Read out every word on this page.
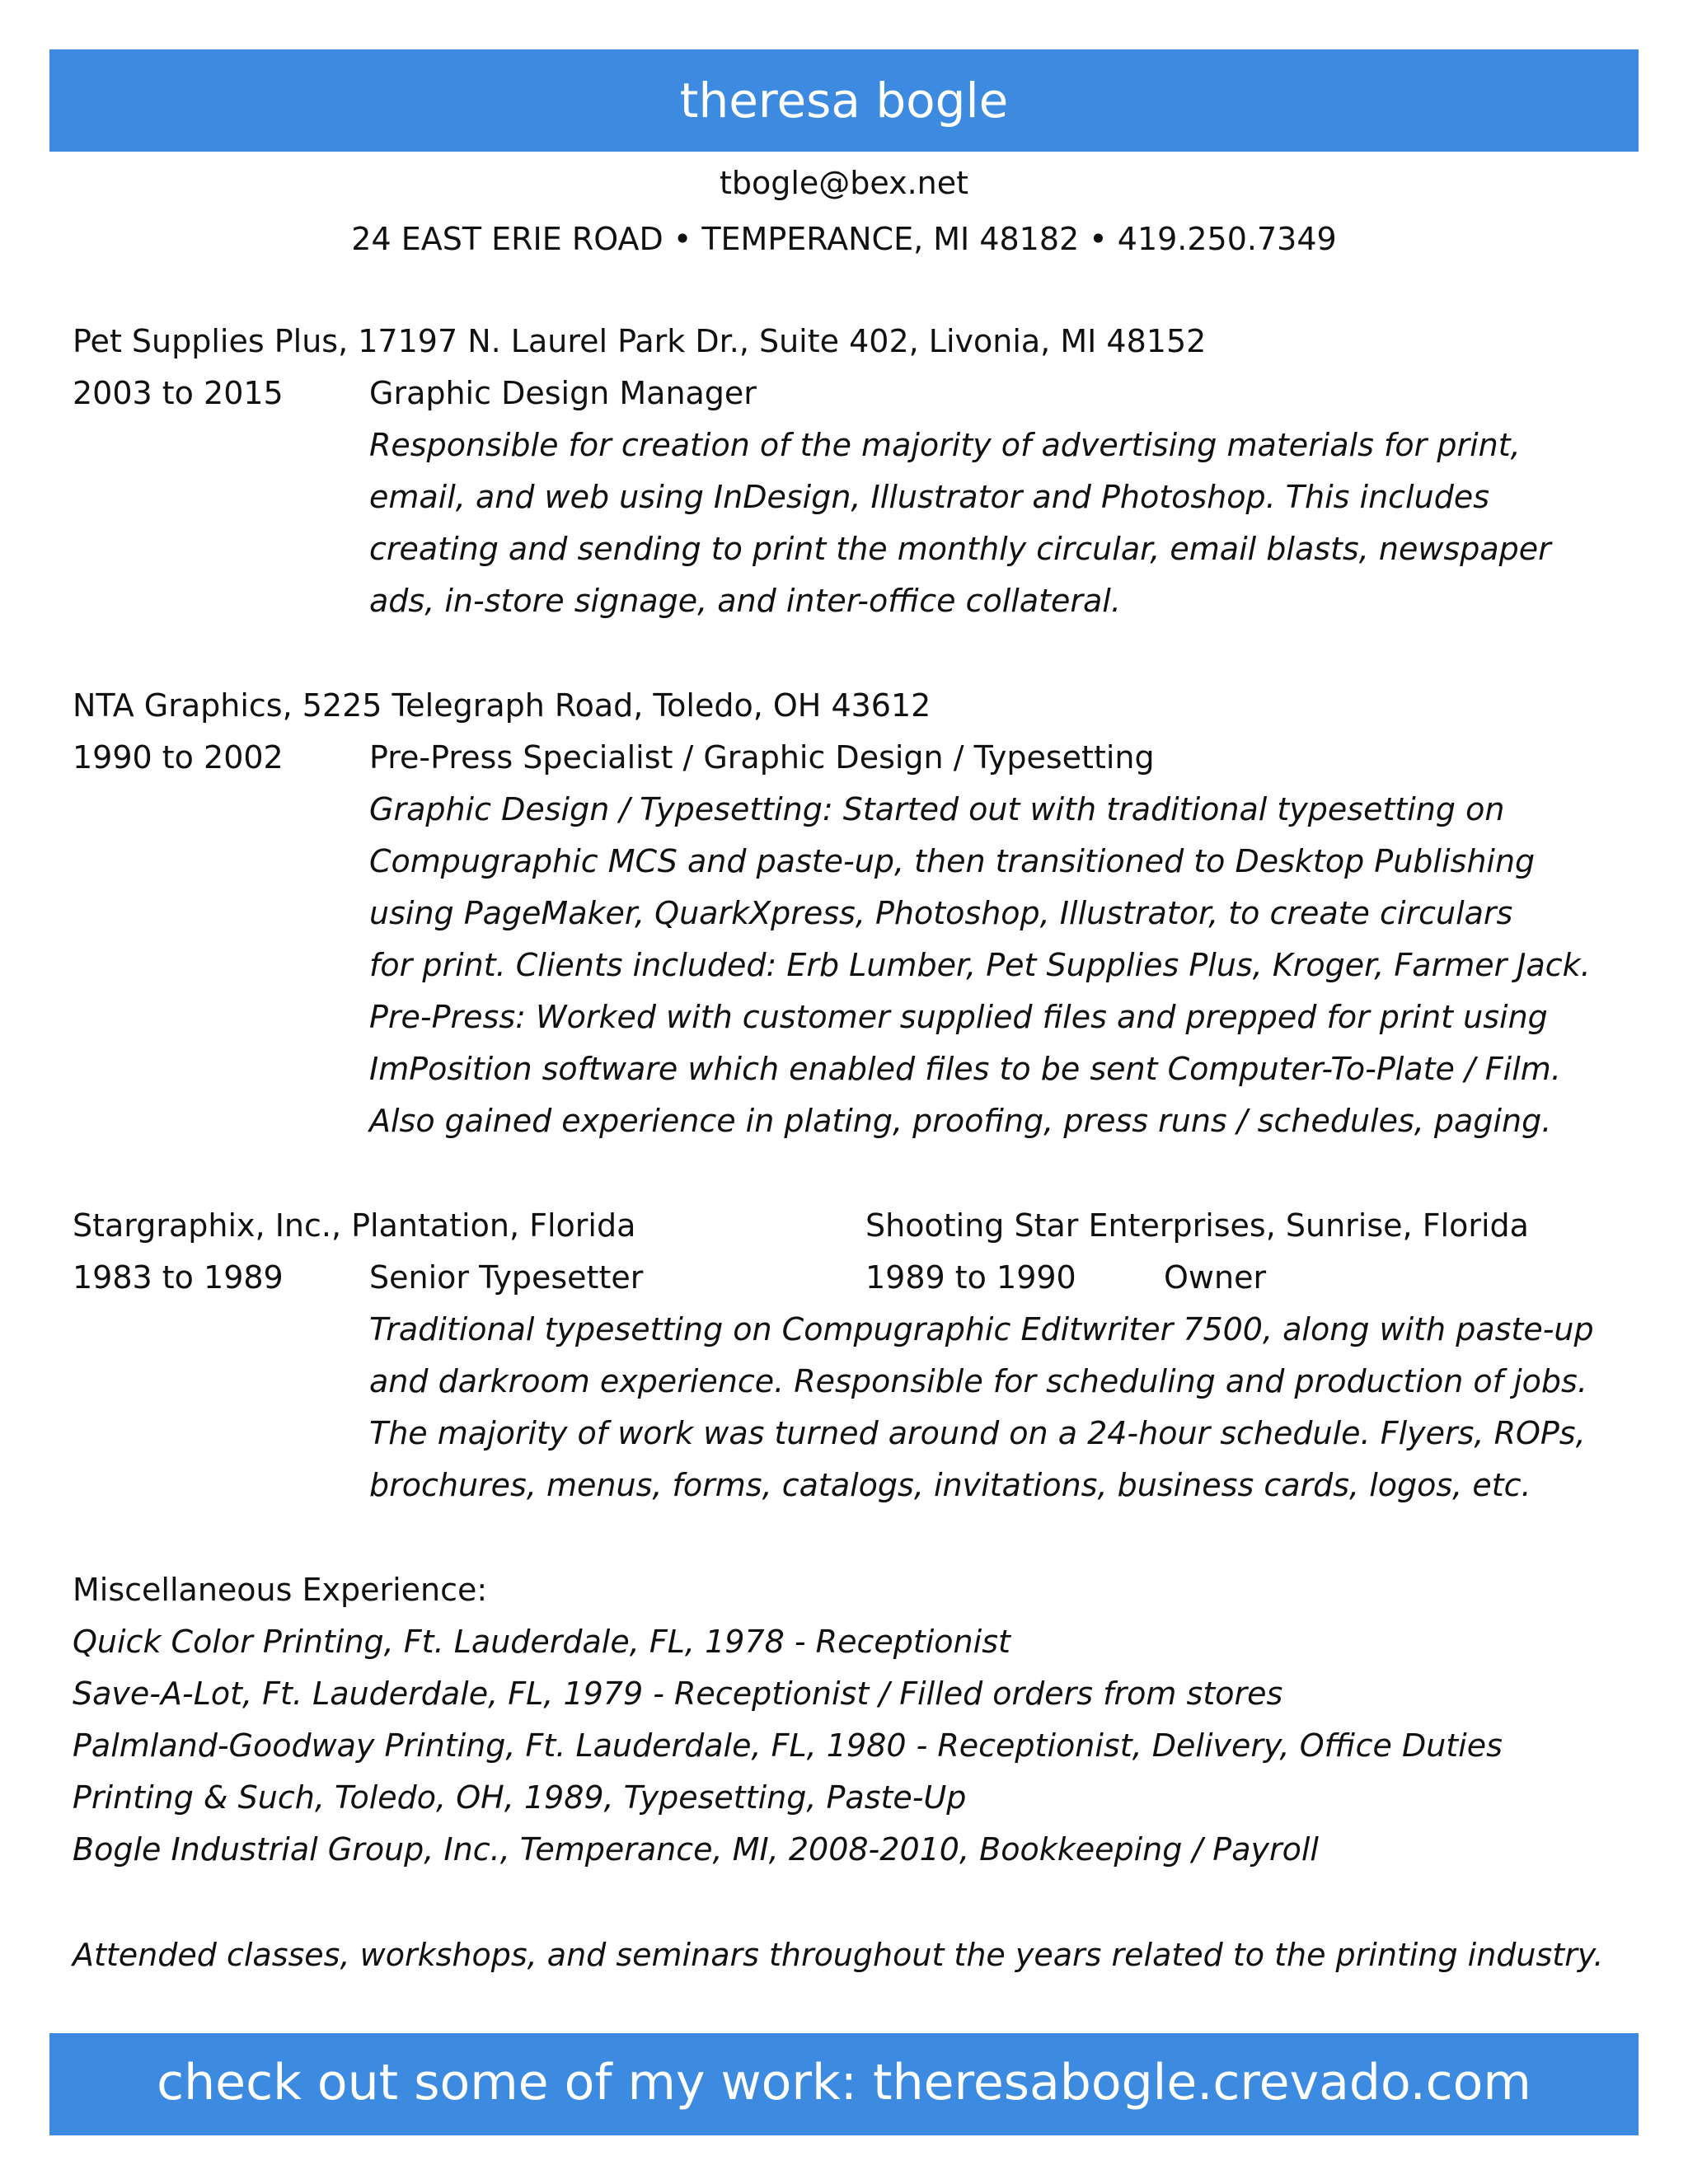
theresa bogle
tbogle@bex.net
24 EAST ERIE ROAD • TEMPERANCE, MI 48182 • 419.250.7349
Pet Supplies Plus, 17197 N. Laurel Park Dr., Suite 402, Livonia, MI 48152
2003 to 2015	Graphic Design Manager
Responsible for creation of the majority of advertising materials for print,
email, and web using InDesign, Illustrator and Photoshop. This includes
creating and sending to print the monthly circular, email blasts, newspaper
ads, in-store signage, and inter-office collateral.
NTA Graphics, 5225 Telegraph Road, Toledo, OH 43612
1990 to 2002	Pre-Press Specialist / Graphic Design / Typesetting
Graphic Design / Typesetting: Started out with traditional typesetting on
Compugraphic MCS and paste-up, then transitioned to Desktop Publishing
using PageMaker, QuarkXpress, Photoshop, Illustrator, to create circulars
for print. Clients included: Erb Lumber, Pet Supplies Plus, Kroger, Farmer Jack.
Pre-Press: Worked with customer supplied files and prepped for print using
ImPosition software which enabled files to be sent Computer-To-Plate / Film.
Also gained experience in plating, proofing, press runs / schedules, paging.
Stargraphix, Inc., Plantation, Florida	Shooting Star Enterprises, Sunrise, Florida
1983 to 1989	Senior Typesetter	1989 to 1990	Owner
Traditional typesetting on Compugraphic Editwriter 7500, along with paste-up
and darkroom experience. Responsible for scheduling and production of jobs.
The majority of work was turned around on a 24-hour schedule. Flyers, ROPs,
brochures, menus, forms, catalogs, invitations, business cards, logos, etc.
Miscellaneous Experience:
Quick Color Printing, Ft. Lauderdale, FL, 1978 - Receptionist
Save-A-Lot, Ft. Lauderdale, FL, 1979 - Receptionist / Filled orders from stores
Palmland-Goodway Printing, Ft. Lauderdale, FL, 1980 - Receptionist, Delivery, Office Duties
Printing & Such, Toledo, OH, 1989, Typesetting, Paste-Up
Bogle Industrial Group, Inc., Temperance, MI, 2008-2010, Bookkeeping / Payroll
Attended classes, workshops, and seminars throughout the years related to the printing industry.
check out some of my work: theresabogle.crevado.com
